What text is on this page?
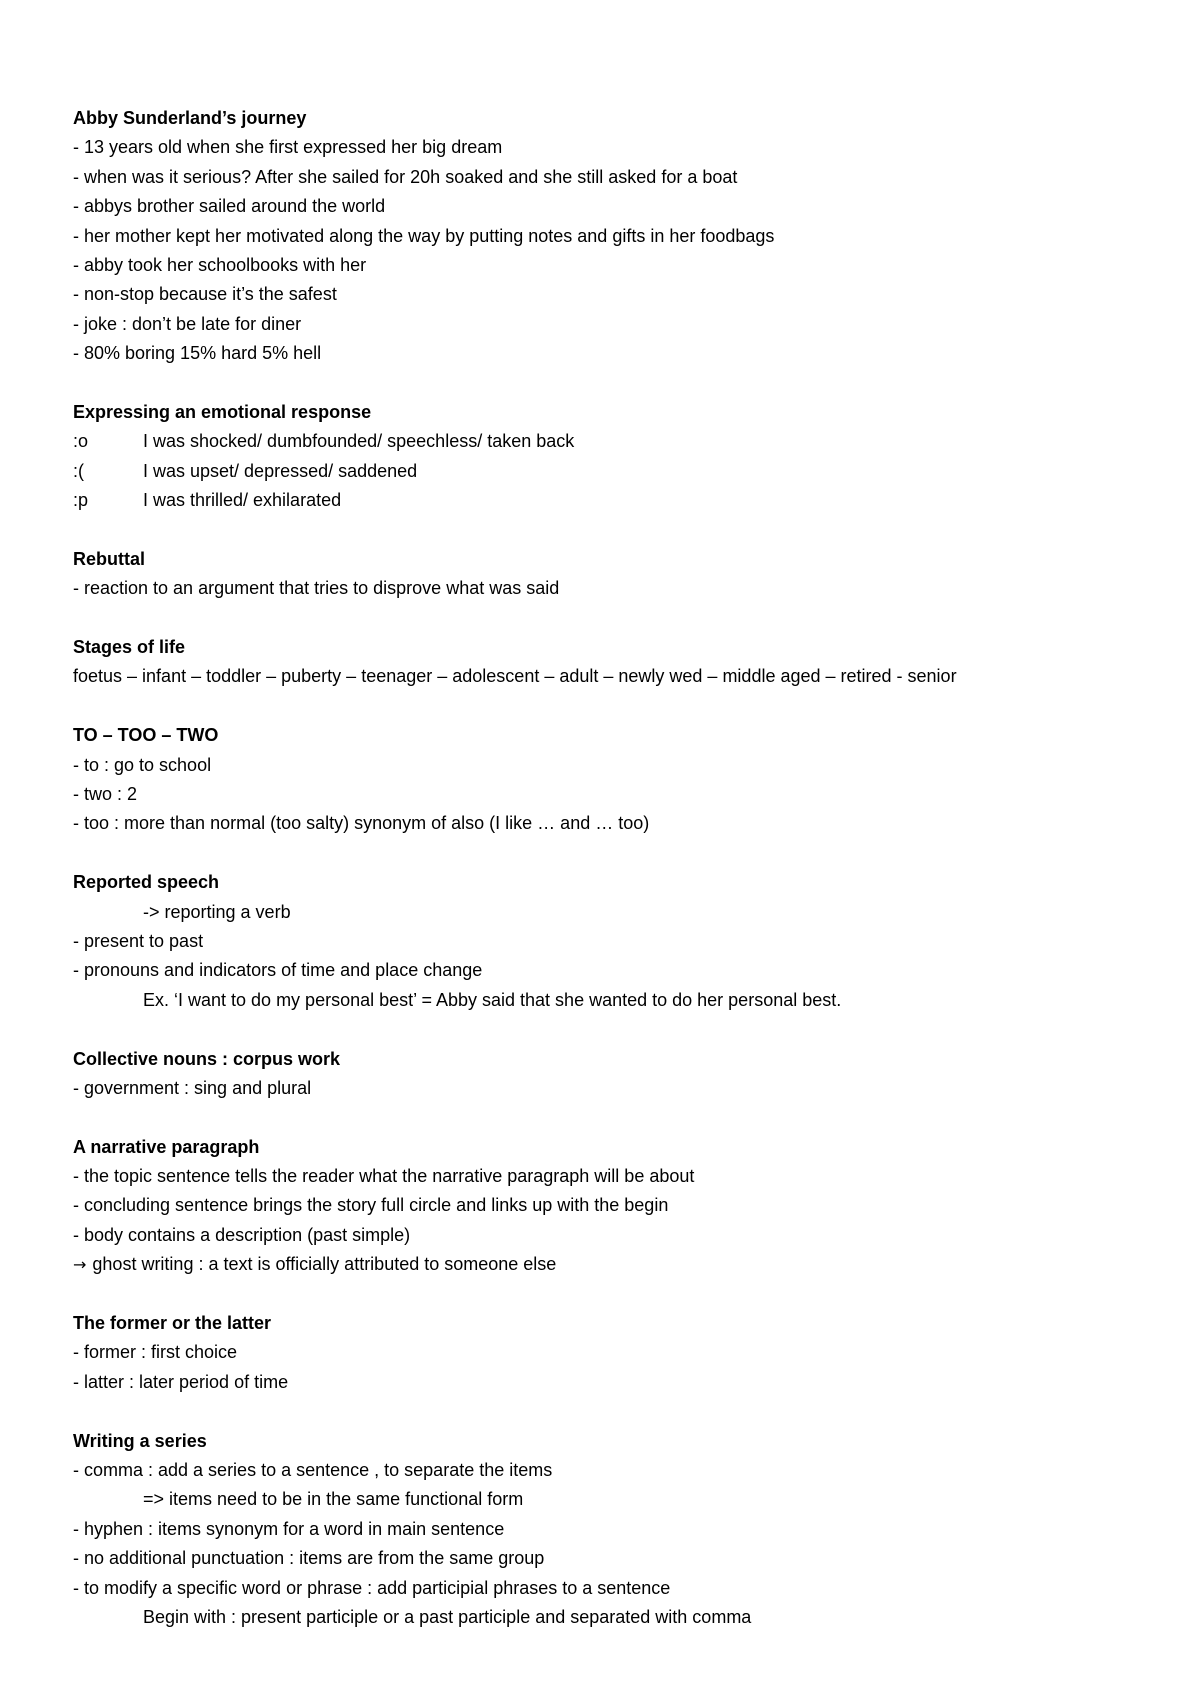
Abby Sunderland’s journey
- 13 years old when she first expressed her big dream
- when was it serious? After she sailed for 20h soaked and she still asked for a boat
- abbys brother sailed around the world
- her mother kept her motivated along the way by putting notes and gifts in her foodbags
- abby took her schoolbooks with her
- non-stop because it’s the safest
- joke : don’t be late for diner
- 80% boring 15% hard 5% hell
Expressing an emotional response
:o	I was shocked/ dumbfounded/ speechless/ taken back
:(	I was upset/ depressed/ saddened
:p	I was thrilled/ exhilarated
Rebuttal
- reaction to an argument that tries to disprove what was said
Stages of life
foetus – infant – toddler – puberty – teenager – adolescent – adult – newly wed – middle aged – retired - senior
TO – TOO – TWO
- to : go to school
- two : 2
- too : more than normal (too salty) synonym of also (I like … and … too)
Reported speech
-> reporting a verb
- present to past
- pronouns and indicators of time and place change
Ex. ‘I want to do my personal best’ = Abby said that she wanted to do her personal best.
Collective nouns : corpus work
- government : sing and plural
A narrative paragraph
- the topic sentence tells the reader what the narrative paragraph will be about
- concluding sentence brings the story full circle and links up with the begin
- body contains a description (past simple)
→ ghost writing : a text is officially attributed to someone else
The former or the latter
- former : first choice
- latter : later period of time
Writing a series
- comma : add a series to a sentence , to separate the items
=> items need to be in the same functional form
- hyphen : items synonym for a word in main sentence
- no additional punctuation : items are from the same group
- to modify a specific word or phrase : add participial phrases to a sentence
Begin with : present participle or a past participle and separated with comma
